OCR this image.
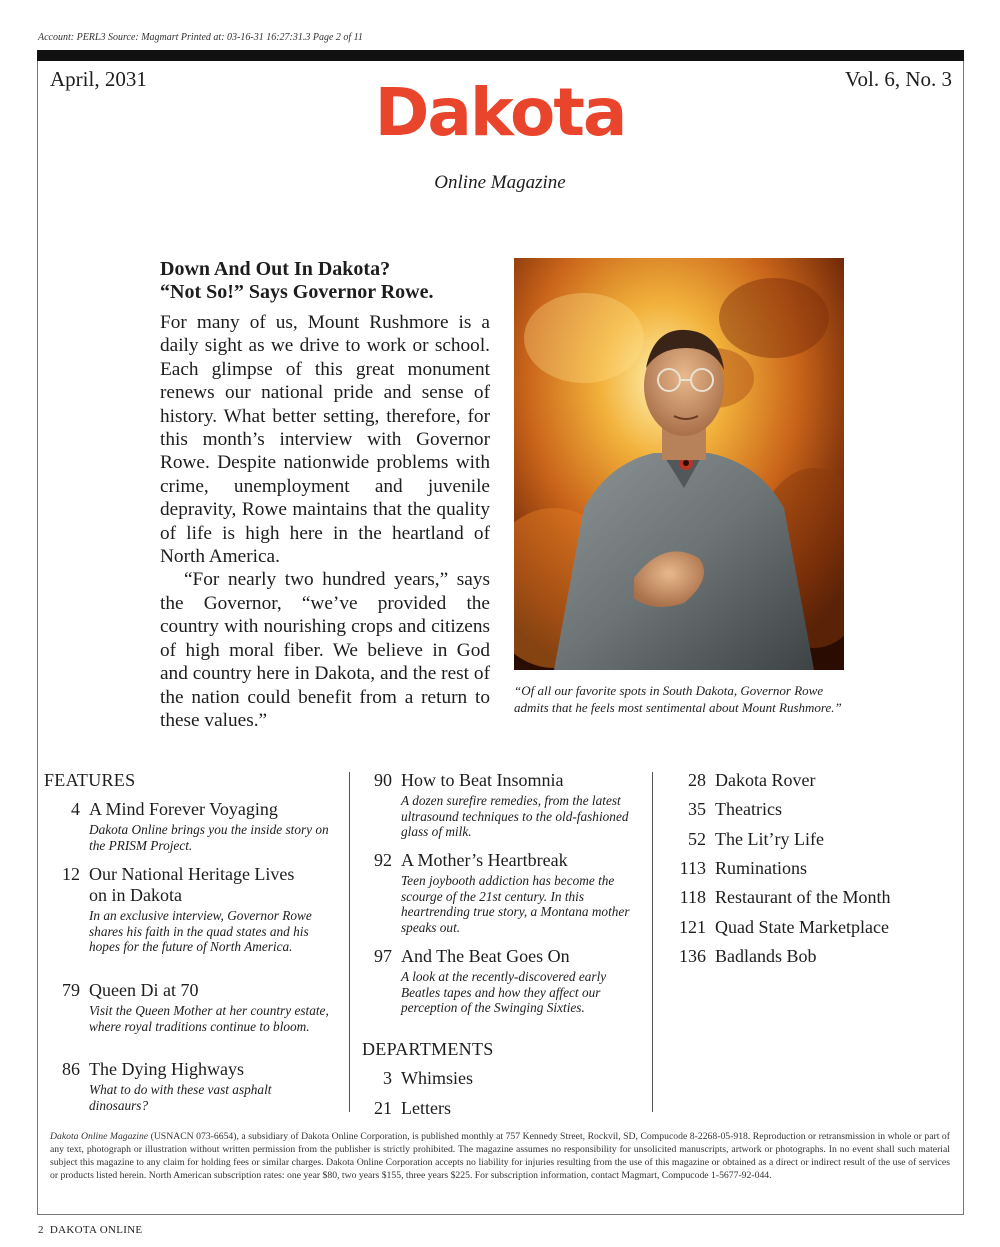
Account: PERL3 Source: Magmart Printed at: 03-16-31 16:27:31.3 Page 2 of 11
April, 2031	Vol. 6, No. 3
Dakota
Online Magazine
Down And Out In Dakota?
“Not So!” Says Governor Rowe.

For many of us, Mount Rushmore is a daily sight as we drive to work or school. Each glimpse of this great monument renews our national pride and sense of history. What better setting, therefore, for this month’s interview with Governor Rowe. Despite nationwide problems with crime, unemployment and juvenile depravity, Rowe maintains that the quality of life is high here in the heartland of North America.

“For nearly two hundred years,” says the Governor, “we’ve provided the country with nourishing crops and citizens of high moral fiber. We believe in God and country here in Dakota, and the rest of the nation could benefit from a return to these values.”

“Of all our favorite spots in South Dakota, Governor Rowe admits that he feels most sentimental about Mount Rushmore.”
FEATURES
4 A Mind Forever Voyaging
Dakota Online brings you the inside story on the PRISM Project.
12 Our National Heritage Lives on in Dakota
In an exclusive interview, Governor Rowe shares his faith in the quad states and his hopes for the future of North America.
79 Queen Di at 70
Visit the Queen Mother at her country estate, where royal traditions continue to bloom.
86 The Dying Highways
What to do with these vast asphalt dinosaurs?
90 How to Beat Insomnia
A dozen surefire remedies, from the latest ultrasound techniques to the old-fashioned glass of milk.
92 A Mother’s Heartbreak
Teen joybooth addiction has become the scourge of the 21st century. In this heartrending true story, a Montana mother speaks out.
97 And The Beat Goes On
A look at the recently-discovered early Beatles tapes and how they affect our perception of the Swinging Sixties.
DEPARTMENTS
3 Whimsies
21 Letters
28 Dakota Rover
35 Theatrics
52 The Lit’ry Life
113 Ruminations
118 Restaurant of the Month
121 Quad State Marketplace
136 Badlands Bob
Dakota Online Magazine (USNACN 073-6654), a subsidiary of Dakota Online Corporation, is published monthly at 757 Kennedy Street, Rockvil, SD, Compucode 8-2268-05-918. Reproduction or retransmission in whole or part of any text, photograph or illustration without written permission from the publisher is strictly prohibited. The magazine assumes no responsibility for unsolicited manuscripts, artwork or photographs. In no event shall such material subject this magazine to any claim for holding fees or similar charges. Dakota Online Corporation accepts no liability for injuries resulting from the use of this magazine or obtained as a direct or indirect result of the use of services or products listed herein. North American subscription rates: one year $80, two years $155, three years $225. For subscription information, contact Magmart, Compucode 1-5677-92-044.
2 DAKOTA ONLINE
